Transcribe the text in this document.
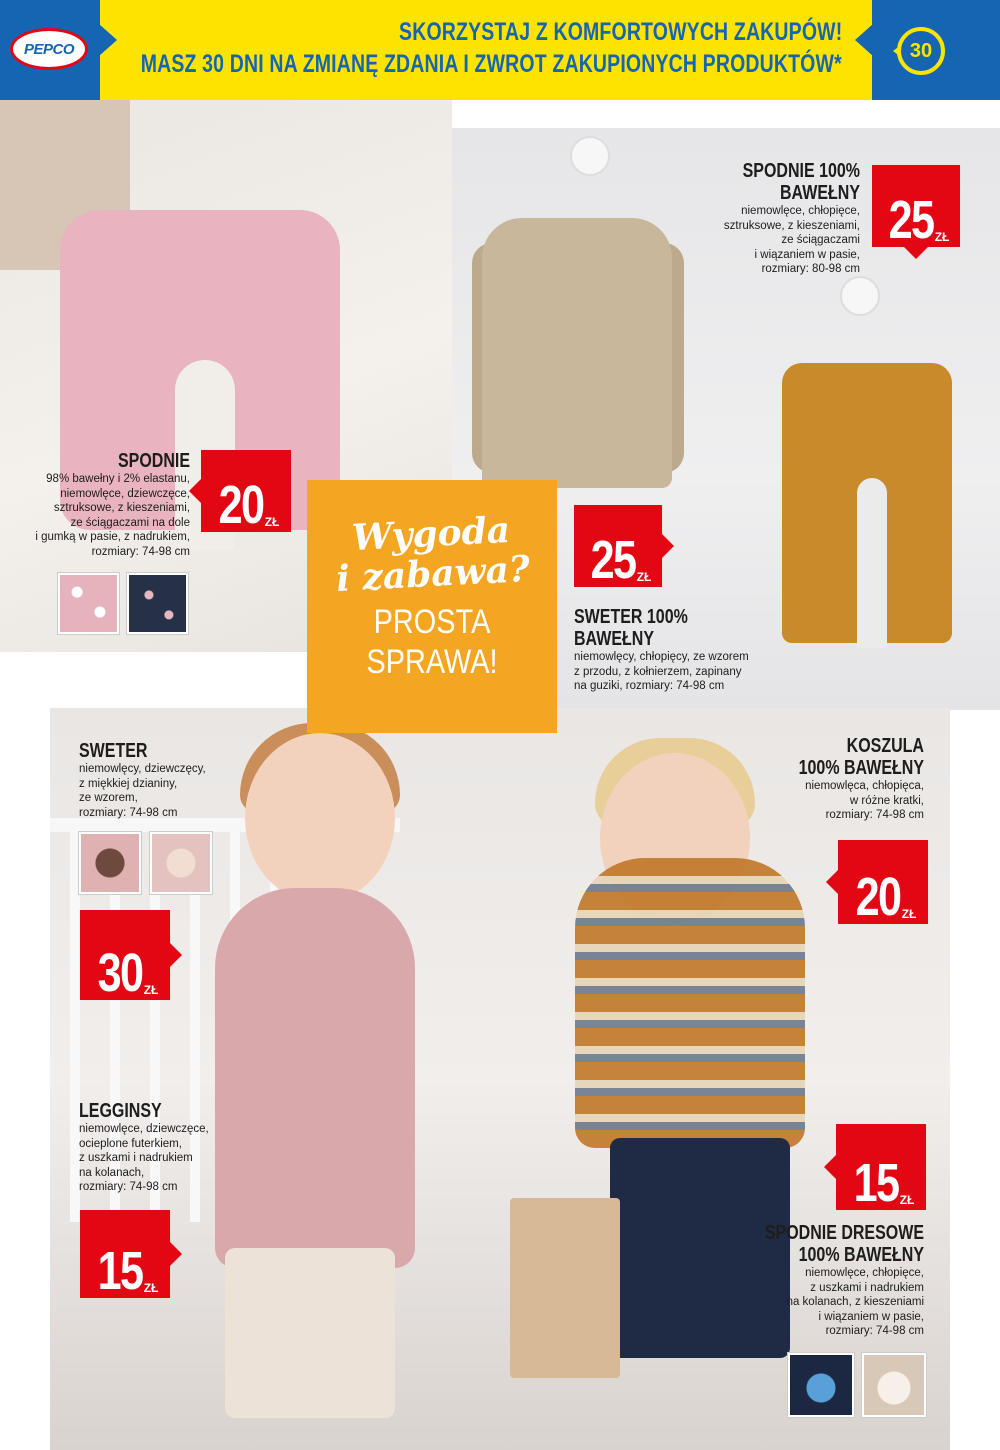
PEPCO
SKORZYSTAJ Z KOMFORTOWYCH ZAKUPÓW!
MASZ 30 DNI NA ZMIANĘ ZDANIA I ZWROT ZAKUPIONYCH PRODUKTÓW*	30
SPODNIE
98% bawełny i 2% elastanu,
niemowlęce, dziewczęce,
sztruksowe, z kieszeniami,
ze ściągaczami na dole
i gumką w pasie, z nadrukiem,
rozmiary: 74-98 cm
20 ZŁ
SPODNIE 100% BAWEŁNY
niemowlęce, chłopięce,
sztruksowe, z kieszeniami,
ze ściągaczami
i wiązaniem w pasie,
rozmiary: 80-98 cm
25 ZŁ
25 ZŁ
SWETER 100% BAWEŁNY
niemowlęcy, chłopięcy, ze wzorem
z przodu, z kołnierzem, zapinany
na guziki, rozmiary: 74-98 cm
Wygoda
i zabawa?
PROSTA
SPRAWA!
SWETER
niemowlęcy, dziewczęcy,
z miękkiej dzianiny,
ze wzorem,
rozmiary: 74-98 cm
30 ZŁ
KOSZULA
100% BAWEŁNY
niemowlęca, chłopięca,
w różne kratki,
rozmiary: 74-98 cm
20 ZŁ
LEGGINSY
niemowlęce, dziewczęce,
ocieplone futerkiem,
z uszkami i nadrukiem
na kolanach,
rozmiary: 74-98 cm
15 ZŁ
15 ZŁ
SPODNIE DRESOWE
100% BAWEŁNY
niemowlęce, chłopięce,
z uszkami i nadrukiem
na kolanach, z kieszeniami
i wiązaniem w pasie,
rozmiary: 74-98 cm
